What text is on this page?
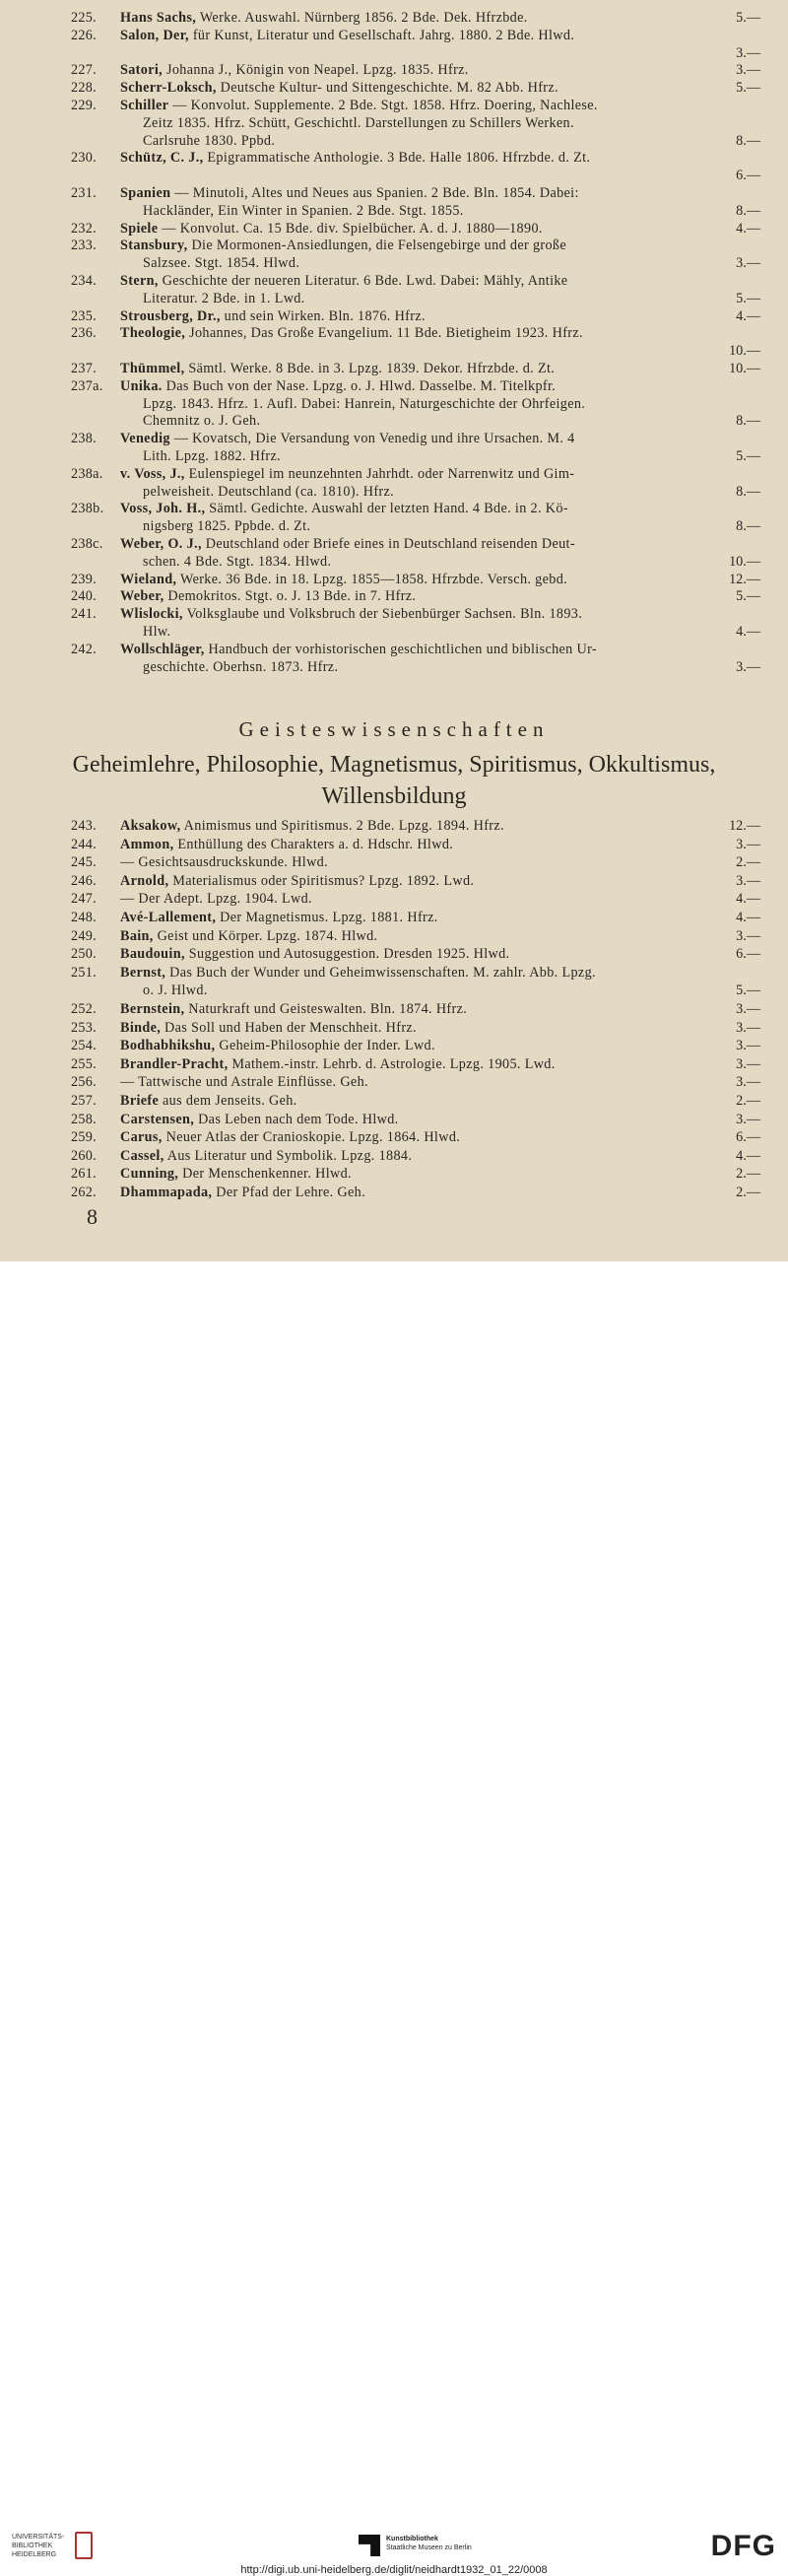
225.	Hans Sachs, Werke. Auswahl. Nürnberg 1856. 2 Bde. Dek. Hfrzbde.	5.—
226.	Salon, Der, für Kunst, Literatur und Gesellschaft. Jahrg. 1880. 2 Bde. Hlwd.
3.—
227.	Satori, Johanna J., Königin von Neapel. Lpzg. 1835. Hfrz.	3.—
228.	Scherr-Loksch, Deutsche Kultur- und Sittengeschichte. M. 82 Abb. Hfrz.	5.—
229.	Schiller — Konvolut. Supplemente. 2 Bde. Stgt. 1858. Hfrz. Doering, Nachlese.
Zeitz 1835. Hfrz. Schütt, Geschichtl. Darstellungen zu Schillers Werken.
Carlsruhe 1830. Ppbd.	8.—
230.	Schütz, C. J., Epigrammatische Anthologie. 3 Bde. Halle 1806. Hfrzbde. d. Zt.
6.—
231.	Spanien — Minutoli, Altes und Neues aus Spanien. 2 Bde. Bln. 1854. Dabei:
Hackländer, Ein Winter in Spanien. 2 Bde. Stgt. 1855.	8.—
232.	Spiele — Konvolut. Ca. 15 Bde. div. Spielbücher. A. d. J. 1880—1890.	4.—
233.	Stansbury, Die Mormonen-Ansiedlungen, die Felsengebirge und der große
Salzsee. Stgt. 1854. Hlwd.	3.—
234.	Stern, Geschichte der neueren Literatur. 6 Bde. Lwd. Dabei: Mähly, Antike
Literatur. 2 Bde. in 1. Lwd.	5.—
235.	Strousberg, Dr., und sein Wirken. Bln. 1876. Hfrz.	4.—
236.	Theologie, Johannes, Das Große Evangelium. 11 Bde. Bietigheim 1923. Hfrz.
10.—
237.	Thümmel, Sämtl. Werke. 8 Bde. in 3. Lpzg. 1839. Dekor. Hfrzbde. d. Zt.	10.—
237a.	Unika. Das Buch von der Nase. Lpzg. o. J. Hlwd. Dasselbe. M. Titelkpfr.
Lpzg. 1843. Hfrz. 1. Aufl. Dabei: Hanrein, Naturgeschichte der Ohrfeigen.
Chemnitz o. J. Geh.	8.—
238.	Venedig — Kovatsch, Die Versandung von Venedig und ihre Ursachen. M. 4
Lith. Lpzg. 1882. Hfrz.	5.—
238a.	v. Voss, J., Eulenspiegel im neunzehnten Jahrhdt. oder Narrenwitz und Gim-
pelweisheit. Deutschland (ca. 1810). Hfrz.	8.—
238b.	Voss, Joh. H., Sämtl. Gedichte. Auswahl der letzten Hand. 4 Bde. in 2. Kö-
nigsberg 1825. Ppbde. d. Zt.	8.—
238c.	Weber, O. J., Deutschland oder Briefe eines in Deutschland reisenden Deut-
schen. 4 Bde. Stgt. 1834. Hlwd.	10.—
239.	Wieland, Werke. 36 Bde. in 18. Lpzg. 1855—1858. Hfrzbde. Versch. gebd.	12.—
240.	Weber, Demokritos. Stgt. o. J. 13 Bde. in 7. Hfrz.	5.—
241.	Wlislocki, Volksglaube und Volksbruch der Siebenbürger Sachsen. Bln. 1893.
Hlw.	4.—
242.	Wollschläger, Handbuch der vorhistorischen geschichtlichen und biblischen Ur-
geschichte. Oberhsn. 1873. Hfrz.	3.—
Geisteswissenschaften
Geheimlehre, Philosophie, Magnetismus, Spiritismus, Okkultismus,
Willensbildung
243.	Aksakow, Animismus und Spiritismus. 2 Bde. Lpzg. 1894. Hfrz.	12.—
244.	Ammon, Enthüllung des Charakters a. d. Hdschr. Hlwd.	3.—
245.	— Gesichtsausdruckskunde. Hlwd.	2.—
246.	Arnold, Materialismus oder Spiritismus? Lpzg. 1892. Lwd.	3.—
247.	— Der Adept. Lpzg. 1904. Lwd.	4.—
248.	Avé-Lallement, Der Magnetismus. Lpzg. 1881. Hfrz.	4.—
249.	Bain, Geist und Körper. Lpzg. 1874. Hlwd.	3.—
250.	Baudouin, Suggestion und Autosuggestion. Dresden 1925. Hlwd.	6.—
251.	Bernst, Das Buch der Wunder und Geheimwissenschaften. M. zahlr. Abb. Lpzg.
o. J. Hlwd.	5.—
252.	Bernstein, Naturkraft und Geisteswalten. Bln. 1874. Hfrz.	3.—
253.	Binde, Das Soll und Haben der Menschheit. Hfrz.	3.—
254.	Bodhabhikshu, Geheim-Philosophie der Inder. Lwd.	3.—
255.	Brandler-Pracht, Mathem.-instr. Lehrb. d. Astrologie. Lpzg. 1905. Lwd.	3.—
256.	— Tattwische und Astrale Einflüsse. Geh.	3.—
257.	Briefe aus dem Jenseits. Geh.	2.—
258.	Carstensen, Das Leben nach dem Tode. Hlwd.	3.—
259.	Carus, Neuer Atlas der Cranioskopie. Lpzg. 1864. Hlwd.	6.—
260.	Cassel, Aus Literatur und Symbolik. Lpzg. 1884.	4.—
261.	Cunning, Der Menschenkenner. Hlwd.	2.—
262.	Dhammapada, Der Pfad der Lehre. Geh.	2.—
8
UNIVERSITÄTS-
BIBLIOTHEK
HEIDELBERG
Kunstbibliothek
Staatliche Museen zu Berlin	DFG
http://digi.ub.uni-heidelberg.de/diglit/neidhardt1932_01_22/0008
